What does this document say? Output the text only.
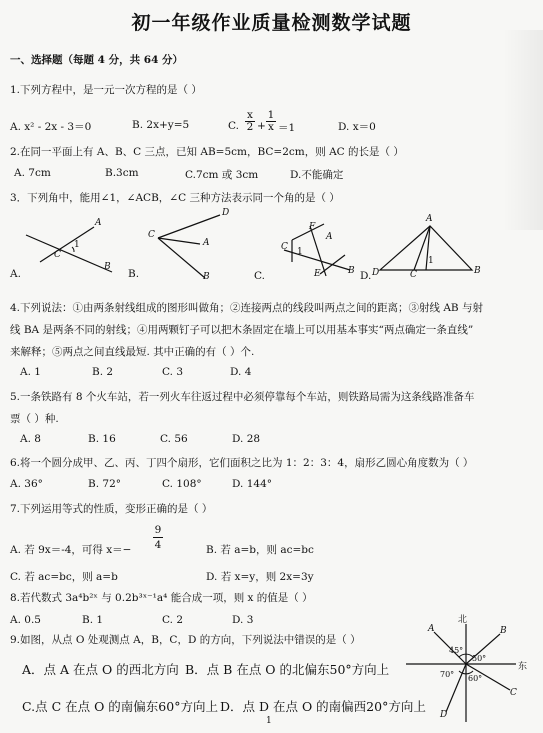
初一年级作业质量检测数学试题
一、选择题（每题 4 分，共 64 分）
1.下列方程中，是一元一次方程的是（ ）
A. x² - 2x - 3＝0	B. 2x+y=5	C.
x
2 +
1
x ＝1	D. x＝0
2.在同一平面上有 A、B、C 三点，已知 AB=5cm，BC=2cm，则 AC 的长是（ ）
A. 7cm	B.3cm	C.7cm 或 3cm	D.不能确定
3．下列角中，能用∠1，∠ACB，∠C 三种方法表示同一个角的是（ ）
A.
A
1
C
B
B.
D
C
A
B	C.
F
A
C 1
E	B D.
A
D	C
1
B
4.下列说法：①由两条射线组成的图形叫做角；②连接两点的线段叫两点之间的距离；③射线 AB 与射
线 BA 是两条不同的射线；④用两颗钉子可以把木条固定在墙上可以用基本事实“两点确定一条直线”
来解释；⑤两点之间直线最短. 其中正确的有（ ）个.
A. 1	B. 2	C. 3	D. 4
5.一条铁路有 8 个火车站，若一列火车往返过程中必须停靠每个车站，则铁路局需为这条线路准备车
票（ ）种.
A. 8	B. 16	C. 56	D. 28
6.将一个圆分成甲、乙、丙、丁四个扇形，它们面积之比为 1：2：3：4，扇形乙圆心角度数为（ ）
A. 36°	B. 72°	C. 108°	D. 144°
7.下列运用等式的性质，变形正确的是（ ）
A. 若 9x＝-4，可得 x＝−
9
4	B. 若 a=b，则 ac=bc
C. 若 ac=bc，则 a=b	D. 若 x=y，则 2x=3y
8.若代数式 3a⁴b²ˣ 与 0.2b³ˣ⁻¹a⁴ 能合成一项，则 x 的值是（ ）
A. 0.5	B. 1	C. 2	D. 3
9.如图，从点 O 处观测点 A，B，C，D 的方向，下列说法中错误的是（ ）
A．点 A 在点 O 的西北方向 B．点 B 在点 O 的北偏东50°方向上
C.点 C 在点 O 的南偏东60°方向上 D．点 D 在点 O 的南偏西20°方向上
北
东
A	B
C
D
45°
50°
70° 60°
1
